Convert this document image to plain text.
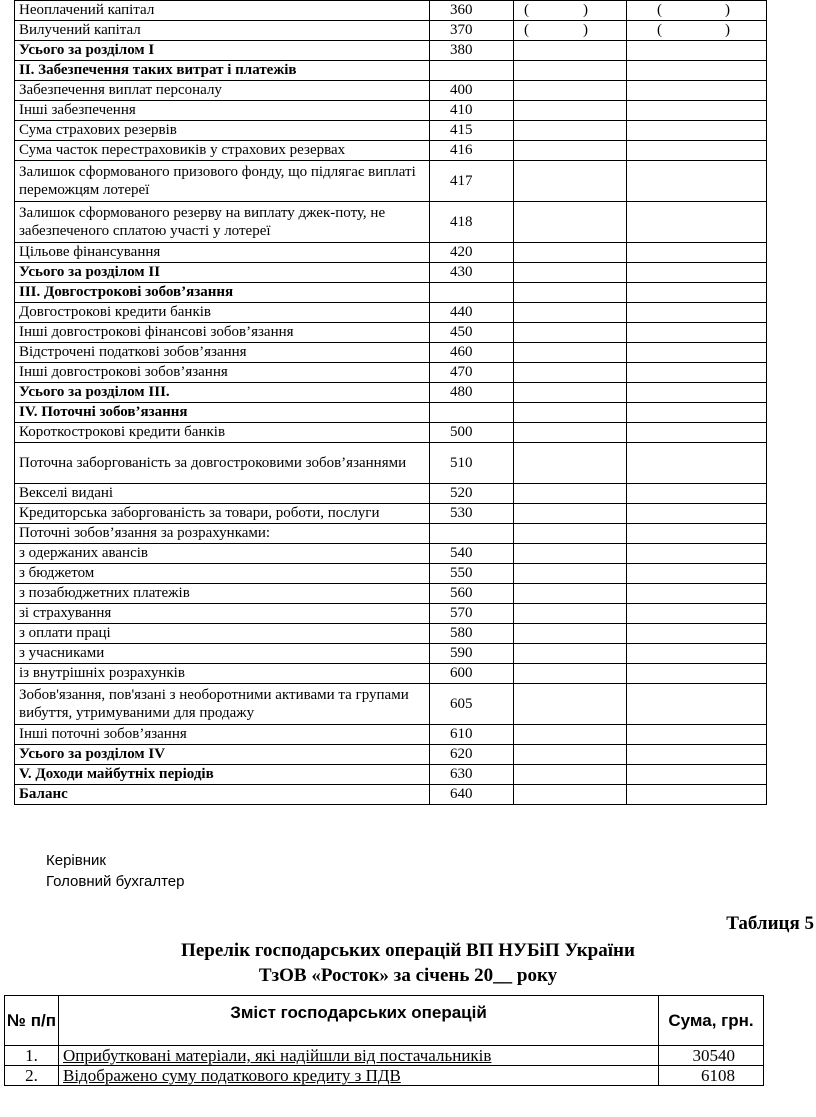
Неоплачений капітал	360	( )	( )

Вилучений капітал	370	( )	( )

Усього за розділом I	380		
II. Забезпечення таких витрат і платежів			
Забезпечення виплат персоналу	400		
Інші забезпечення	410		
Сума страхових резервів	415		
Сума часток перестраховиків у страхових резервах	416		
Залишок сформованого призового фонду, що підлягає виплаті переможцям лотереї	417		
Залишок сформованого резерву на виплату джек-поту, не забезпеченого сплатою участі у лотереї	418		
Цільове фінансування	420		
Усього за розділом II	430		
III. Довгострокові зобов’язання			
Довгострокові кредити банків	440		
Інші довгострокові фінансові зобов’язання	450		
Відстрочені податкові зобов’язання	460		
Інші довгострокові зобов’язання	470		
Усього за розділом III.	480		
IV. Поточні зобов’язання			
Короткострокові кредити банків	500		
Поточна заборгованість за довгостроковими зобов’язаннями	510		
Векселі видані	520		
Кредиторська заборгованість за товари, роботи, послуги	530		
Поточні зобов’язання за розрахунками:			
з одержаних авансів	540		
з бюджетом	550		
з позабюджетних платежів	560		
зі страхування	570		
з оплати праці	580		
з учасниками	590		
із внутрішніх розрахунків	600		
Зобов'язання, пов'язані з необоротними активами та групами вибуття, утримуваними для продажу	605		
Інші поточні зобов’язання	610		
Усього за розділом IV	620		
V. Доходи майбутніх періодів	630		
Баланс	640		
Керівник
Головний бухгалтер
Таблиця 5
Перелік господарських операцій ВП НУБіП України
ТзОВ «Росток» за січень 20__ року
№ п/п	Зміст господарських операцій	Сума, грн.
1.	Оприбутковані матеріали, які надійшли від постачальників	30540
2.	Відображено суму податкового кредиту з ПДВ	6108
